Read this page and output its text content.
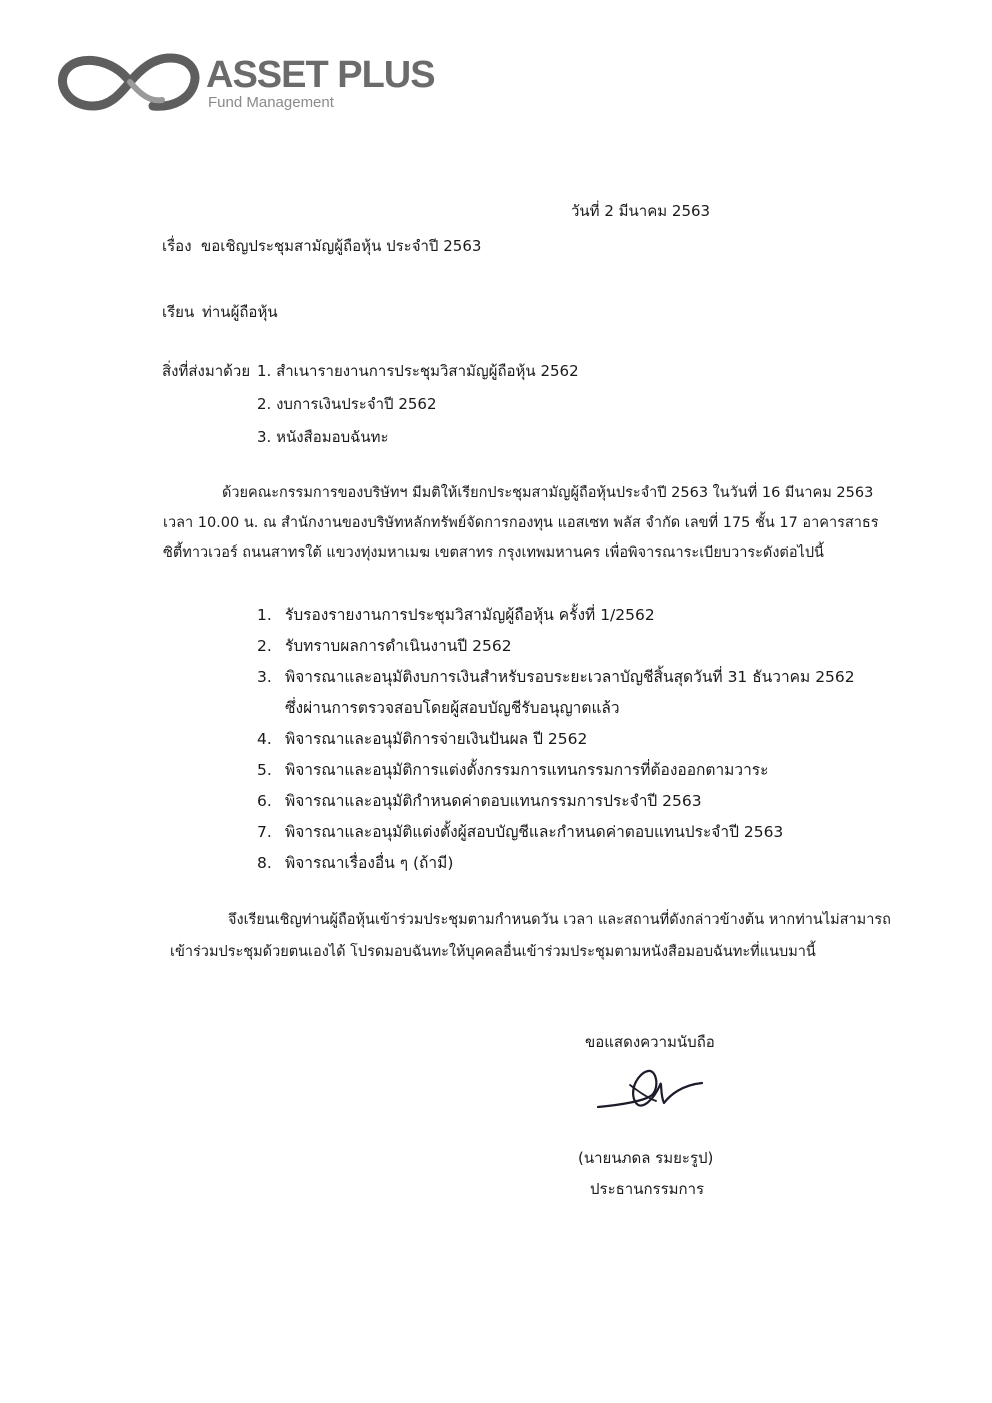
ASSET PLUS
Fund Management
วันที่ 2 มีนาคม 2563
เรื่อง ขอเชิญประชุมสามัญผู้ถือหุ้น ประจำปี 2563
เรียน ท่านผู้ถือหุ้น
สิ่งที่ส่งมาด้วย 1. สำเนารายงานการประชุมวิสามัญผู้ถือหุ้น 2562
2. งบการเงินประจำปี 2562
3. หนังสือมอบฉันทะ
ด้วยคณะกรรมการของบริษัทฯ มีมติให้เรียกประชุมสามัญผู้ถือหุ้นประจำปี 2563 ในวันที่ 16 มีนาคม 2563
เวลา 10.00 น. ณ สำนักงานของบริษัทหลักทรัพย์จัดการกองทุน แอสเซท พลัส จำกัด เลขที่ 175 ชั้น 17 อาคารสาธร
ซิตี้ทาวเวอร์ ถนนสาทรใต้ แขวงทุ่งมหาเมฆ เขตสาทร กรุงเทพมหานคร เพื่อพิจารณาระเบียบวาระดังต่อไปนี้
1. รับรองรายงานการประชุมวิสามัญผู้ถือหุ้น ครั้งที่ 1/2562
2. รับทราบผลการดำเนินงานปี 2562
3. พิจารณาและอนุมัติงบการเงินสำหรับรอบระยะเวลาบัญชีสิ้นสุดวันที่ 31 ธันวาคม 2562
ซึ่งผ่านการตรวจสอบโดยผู้สอบบัญชีรับอนุญาตแล้ว
4. พิจารณาและอนุมัติการจ่ายเงินปันผล ปี 2562
5. พิจารณาและอนุมัติการแต่งตั้งกรรมการแทนกรรมการที่ต้องออกตามวาระ
6. พิจารณาและอนุมัติกำหนดค่าตอบแทนกรรมการประจำปี 2563
7. พิจารณาและอนุมัติแต่งตั้งผู้สอบบัญชีและกำหนดค่าตอบแทนประจำปี 2563
8. พิจารณาเรื่องอื่น ๆ (ถ้ามี)
จึงเรียนเชิญท่านผู้ถือหุ้นเข้าร่วมประชุมตามกำหนดวัน เวลา และสถานที่ดังกล่าวข้างต้น หากท่านไม่สามารถ
เข้าร่วมประชุมด้วยตนเองได้ โปรดมอบฉันทะให้บุคคลอื่นเข้าร่วมประชุมตามหนังสือมอบฉันทะที่แนบมานี้
ขอแสดงความนับถือ
(นายนภดล รมยะรูป)
ประธานกรรมการ
